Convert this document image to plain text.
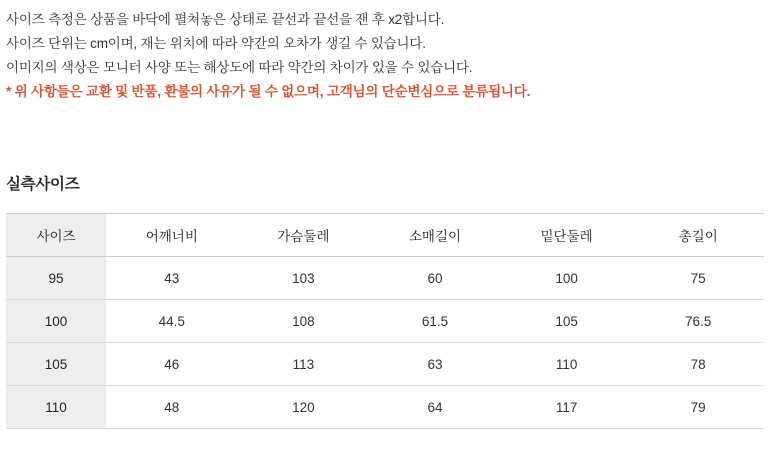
사이즈 측정은 상품을 바닥에 펼쳐놓은 상태로 끝선과 끝선을 잰 후 x2합니다.
사이즈 단위는 cm이며, 재는 위치에 따라 약간의 오차가 생길 수 있습니다.
이미지의 색상은 모니터 사양 또는 해상도에 따라 약간의 차이가 있을 수 있습니다.
* 위 사항들은 교환 및 반품, 환불의 사유가 될 수 없으며, 고객님의 단순변심으로 분류됩니다.
실측사이즈
사이즈	어깨너비	가슴둘레	소매길이	밑단둘레	총길이
95	43	103	60	100	75
100	44.5	108	61.5	105	76.5
105	46	113	63	110	78
110	48	120	64	117	79
